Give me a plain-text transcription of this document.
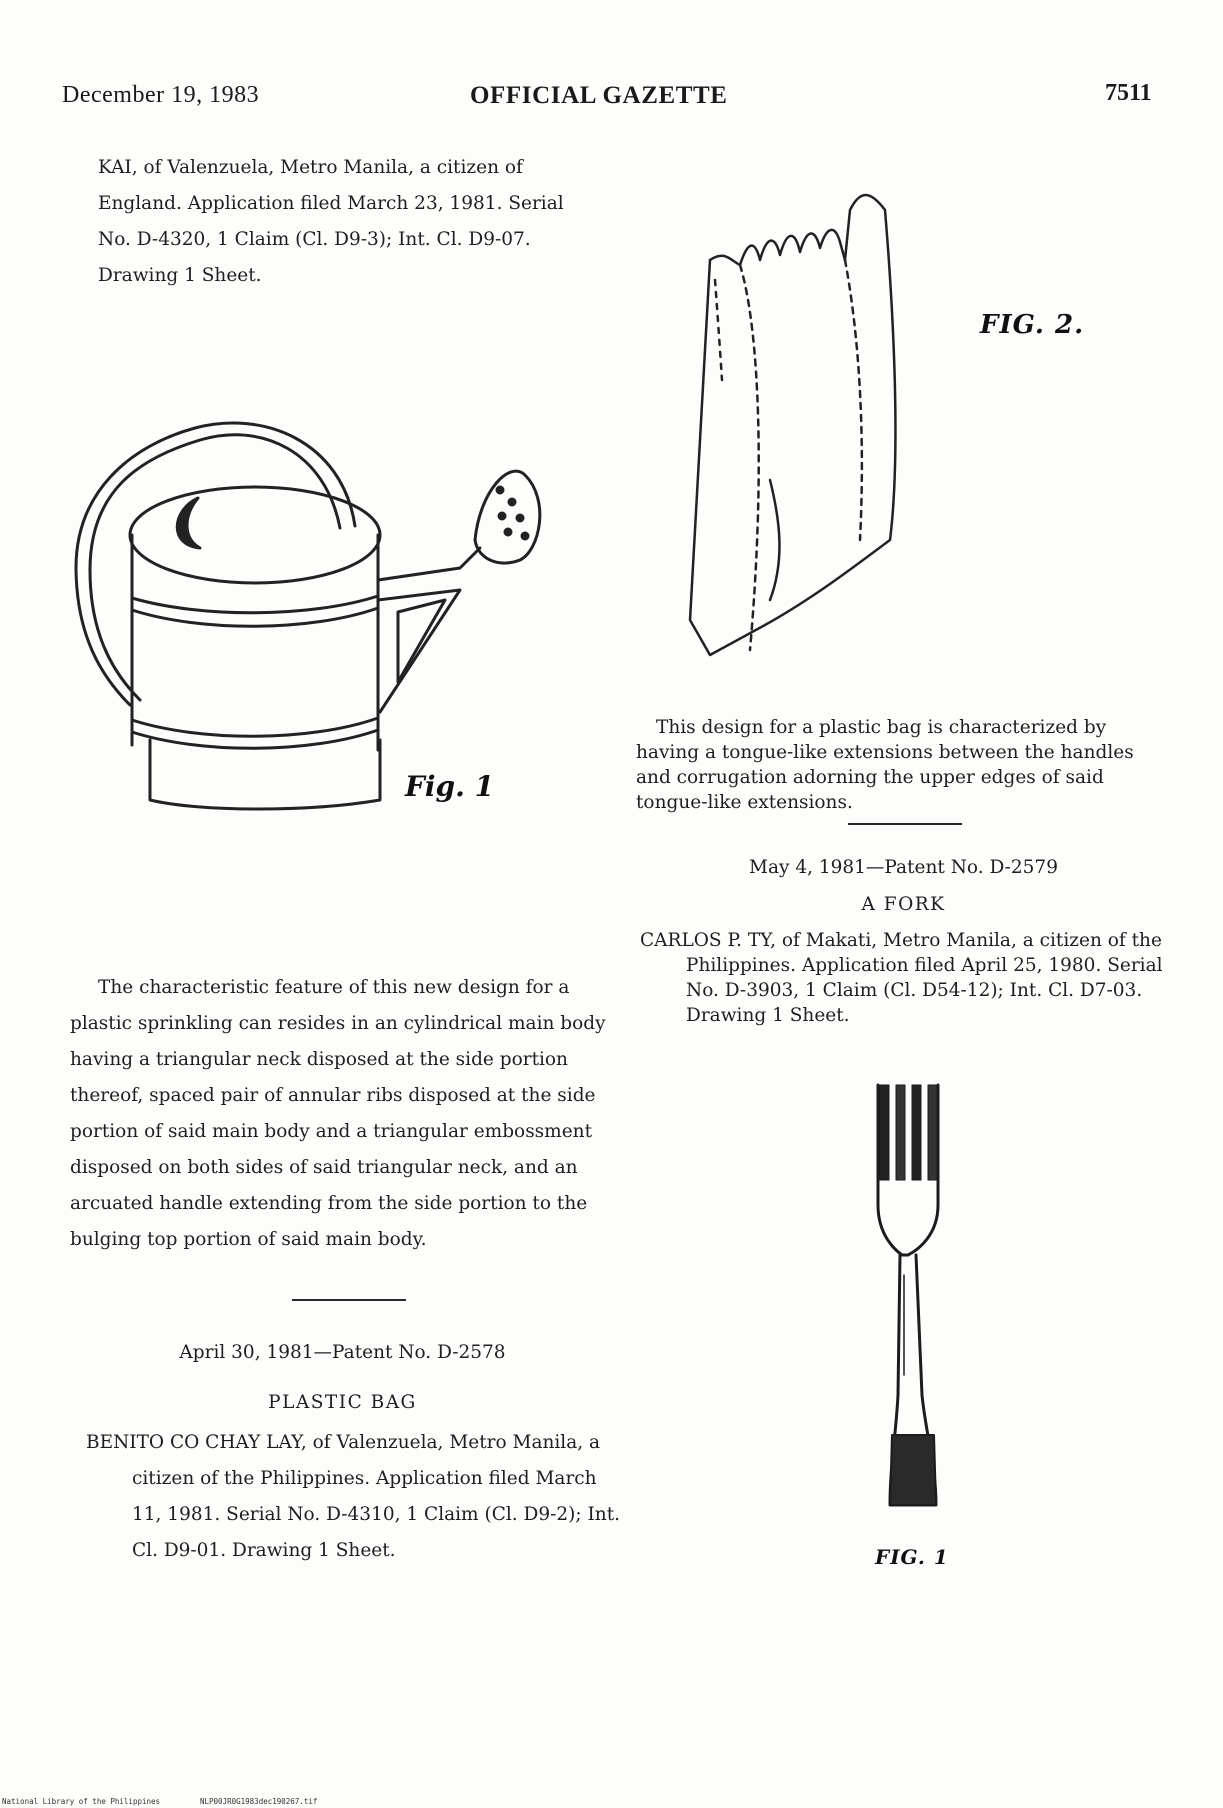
December 19, 1983	OFFICIAL GAZETTE	7511
KAI, of Valenzuela, Metro Manila, a citizen of England. Application filed March 23, 1981. Serial No. D-4320, 1 Claim (Cl. D9-3); Int. Cl. D9-07. Drawing 1 Sheet.
Fig. 1
The characteristic feature of this new design for a plastic sprinkling can resides in an cylindrical main body having a triangular neck disposed at the side portion thereof, spaced pair of annular ribs disposed at the side portion of said main body and a triangular embossment disposed on both sides of said triangular neck, and an arcuated handle extending from the side portion to the bulging top portion of said main body.
April 30, 1981—Patent No. D-2578
PLASTIC BAG
BENITO CO CHAY LAY, of Valenzuela, Metro Manila, a citizen of the Philippines. Application filed March 11, 1981. Serial No. D-4310, 1 Claim (Cl. D9-2); Int. Cl. D9-01. Drawing 1 Sheet.
FIG. 2.
This design for a plastic bag is characterized by having a tongue-like extensions between the handles and corrugation adorning the upper edges of said tongue-like extensions.
May 4, 1981—Patent No. D-2579
A FORK
CARLOS P. TY, of Makati, Metro Manila, a citizen of the Philippines. Application filed April 25, 1980. Serial No. D-3903, 1 Claim (Cl. D54-12); Int. Cl. D7-03. Drawing 1 Sheet.
FIG. 1
National Library of the Philippines	NLP00JR0G1983dec190267.tif
